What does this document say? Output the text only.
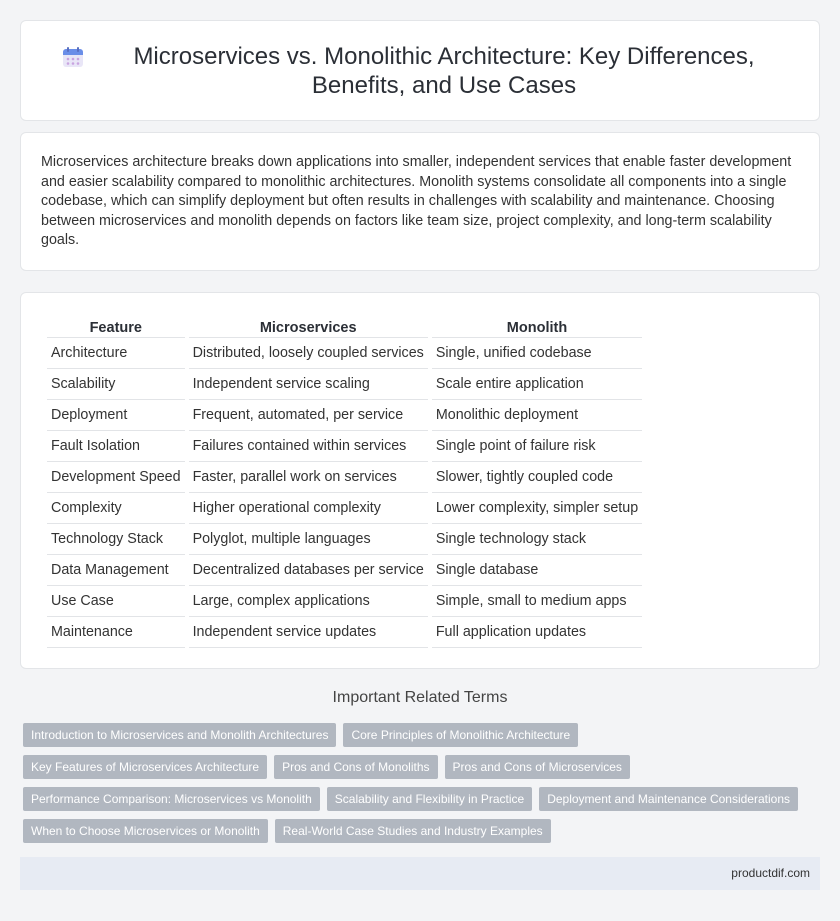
Microservices vs. Monolithic Architecture: Key Differences, Benefits, and Use Cases

Microservices architecture breaks down applications into smaller, independent services that enable faster development and easier scalability compared to monolithic architectures. Monolith systems consolidate all components into a single codebase, which can simplify deployment but often results in challenges with scalability and maintenance. Choosing between microservices and monolith depends on factors like team size, project complexity, and long-term scalability goals.

Feature	Microservices	Monolith
Architecture	Distributed, loosely coupled services	Single, unified codebase
Scalability	Independent service scaling	Scale entire application
Deployment	Frequent, automated, per service	Monolithic deployment
Fault Isolation	Failures contained within services	Single point of failure risk
Development Speed	Faster, parallel work on services	Slower, tightly coupled code
Complexity	Higher operational complexity	Lower complexity, simpler setup
Technology Stack	Polyglot, multiple languages	Single technology stack
Data Management	Decentralized databases per service	Single database
Use Case	Large, complex applications	Simple, small to medium apps
Maintenance	Independent service updates	Full application updates
Important Related Terms
Introduction to Microservices and Monolith Architectures	Core Principles of Monolithic Architecture
Key Features of Microservices Architecture	Pros and Cons of Monoliths	Pros and Cons of Microservices
Performance Comparison: Microservices vs Monolith	Scalability and Flexibility in Practice	Deployment and Maintenance Considerations
When to Choose Microservices or Monolith	Real-World Case Studies and Industry Examples
productdif.com
